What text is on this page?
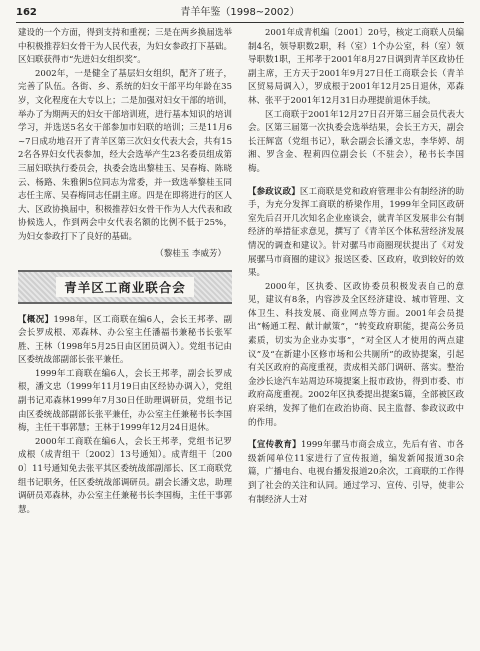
162	青羊年鉴（1998~2002）

建设的一个方面，得到支持和重视；三是在两乡换届选举中积极推荐妇女骨干为人民代表，为妇女参政打下基础。区妇联获得市“先进妇女组织奖”。

2002年，一是健全了基层妇女组织，配齐了班子，完善了队伍。各街、乡、系统的妇女干部平均年龄在35岁，文化程度在大专以上；二是加强对妇女干部的培训，举办了为期两天的妇女干部培训班，进行基本知识的培训学习，并选送5名女干部参加市妇联的培训；三是11月6~7日成功地召开了青羊区第三次妇女代表大会，共有152名各界妇女代表参加，经大会选举产生23名委员组成第三届妇联执行委员会，执委会选出黎桂玉、吴春梅、陈晓云、杨路、朱雅俐5位同志为常委，并一致选举黎桂玉同志任主席、吴春梅同志任副主席。四是在即将进行的区人大、区政协换届中，积极推荐妇女骨干作为人大代表和政协候选人，作到两会中女代表名额的比例不低于25%，为妇女参政打下了良好的基础。

（黎桂玉 李威芳）

青羊区工商业联合会

【概况】1998年，区工商联在编6人，会长王邦孝、副会长罗成根、邓森林、办公室主任潘福书兼秘书长张军胜、王林（1998年5月25日由区团员调入）。党组书记由区委统战部副部长张平兼任。

1999年工商联在编6人，会长王邦孝，副会长罗成根，潘文忠（1999年11月19日由区经协办调入），党组副书记邓森林1999年7月30日任助理调研员，党组书记由区委统战部副部长张平兼任，办公室主任兼秘书长李国梅，主任干事郭慧；王林于1999年12月24日退休。

2000年工商联在编6人，会长王邦孝，党组书记罗成根（成青组干〔2002〕13号通知）。成青组干〔2000〕11号通知免去张平其区委统战部副部长、区工商联党组书记职务，任区委统战部调研员。副会长潘文忠，助理调研员邓森林，办公室主任兼秘书长李国梅，主任干事郭慧。

2001年成青机编〔2001〕20号，核定工商联人员编制4名，领导职数2职，科（室）1个办公室，科（室）领导职数1职，王邦孝于2001年8月27日调到青羊区政协任副主席，王方天于2001年9月27日任工商联会长（青羊区贸易局调入），罗成根于2001年12月25日退休，邓森林、张平于2001年12月31日办理提前退休手续。

区工商联于2001年12月27日召开第三届会员代表大会。区第三届第一次执委会选举结果，会长王方天，副会长汪辉富（党组书记），耿会副会长潘文忠，李华婷、胡湘、罗含金、程莉四位副会长（不驻会），秘书长李国梅。

【参政议政】区工商联是党和政府管理非公有制经济的助手，为充分发挥工商联的桥梁作用，1999年全同区政研室先后召开几次知名企业座谈会，就青羊区发展非公有制经济的举措征求意见，撰写了《青羊区个体私营经济发展情况的调查和建议》。针对骡马市商圈现状提出了《对发展骡马市商圈的建议》报送区委、区政府，收到较好的效果。

2000年，区执委、区政协委员积极发表自己的意见，建议有8条，内容涉及全区经济建设、城市管理、文体卫生、科技发展、商业网点等方面。2001年会员提出“畅通工程、献计献策”，“转变政府职能，提高公务员素质，切实为企业办实事”，“对全区人才使用的两点建议”及“在新建小区修市场和公共厕所”的政协提案，引起有关区政府的高度重视，责成相关部门调研、落实。整治金沙长途汽车站周边环境提案上报市政协，得到市委、市政府高度重视。2002年区执委提出提案5篇，全部被区政府采纳，发挥了他们在政治协商、民主监督、参政议政中的作用。

【宣传教育】1999年骡马市商会成立，先后有省、市各级新闻单位11家进行了宣传报道，编发新闻报道30余篇，广播电台、电视台播发报道20余次，工商联的工作得到了社会的关注和认同。通过学习、宣传、引导，使非公有制经济人士对
